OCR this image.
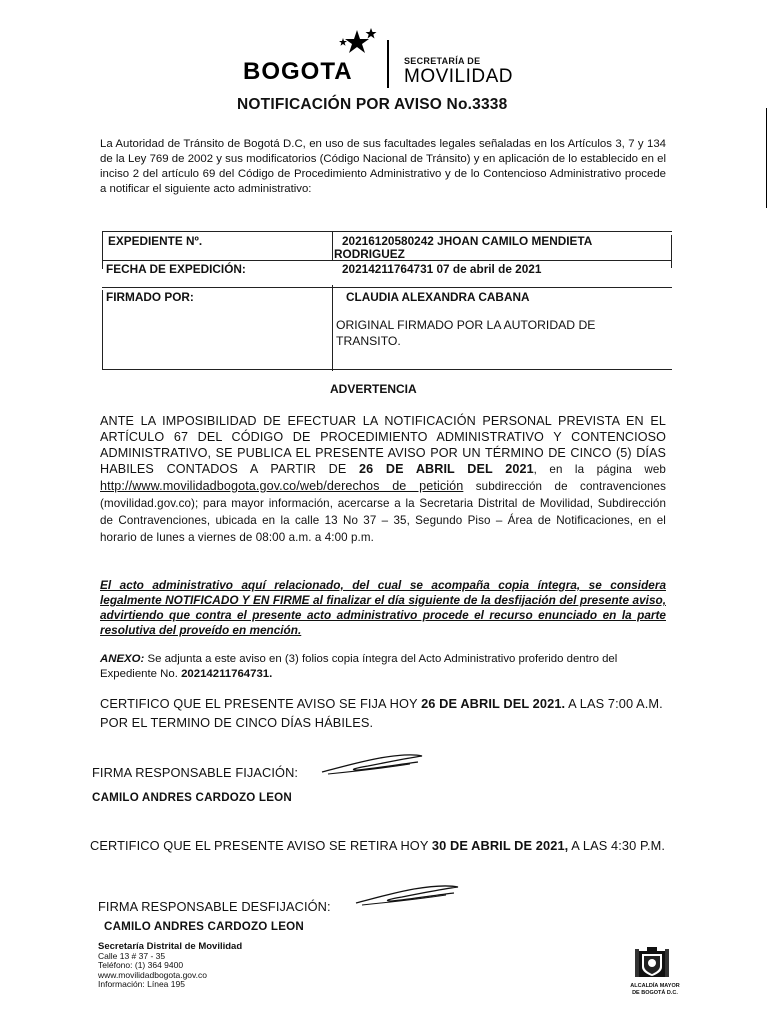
BOGOTA	SECRETARÍA DE
MOVILIDAD
NOTIFICACIÓN POR AVISO No.3338
La Autoridad de Tránsito de Bogotá D.C, en uso de sus facultades legales señaladas en los Artículos 3, 7 y 134 de la Ley 769 de 2002 y sus modificatorios (Código Nacional de Tránsito) y en aplicación de lo establecido en el inciso 2 del artículo 69 del Código de Procedimiento Administrativo y de lo Contencioso Administrativo procede a notificar el siguiente acto administrativo:
EXPEDIENTE Nº.	20216120580242 JHOAN CAMILO MENDIETA
RODRIGUEZ
FECHA DE EXPEDICIÓN:	20214211764731 07 de abril de 2021
FIRMADO POR:	CLAUDIA ALEXANDRA CABANA
ORIGINAL FIRMADO POR LA AUTORIDAD DE
TRANSITO.
ADVERTENCIA
ANTE LA IMPOSIBILIDAD DE EFECTUAR LA NOTIFICACIÓN PERSONAL PREVISTA EN EL ARTÍCULO 67 DEL CÓDIGO DE PROCEDIMIENTO ADMINISTRATIVO Y CONTENCIOSO ADMINISTRATIVO, SE PUBLICA EL PRESENTE AVISO POR UN TÉRMINO DE CINCO (5) DÍAS HABILES CONTADOS A PARTIR DE 26 DE ABRIL DEL 2021, en la página web http://www.movilidadbogota.gov.co/web/derechos de petición subdirección de contravenciones (movilidad.gov.co); para mayor información, acercarse a la Secretaria Distrital de Movilidad, Subdirección de Contravenciones, ubicada en la calle 13 No 37 – 35, Segundo Piso – Área de Notificaciones, en el horario de lunes a viernes de 08:00 a.m. a 4:00 p.m.
El acto administrativo aquí relacionado, del cual se acompaña copia íntegra, se considera legalmente NOTIFICADO Y EN FIRME al finalizar el día siguiente de la desfijación del presente aviso, advirtiendo que contra el presente acto administrativo procede el recurso enunciado en la parte resolutiva del proveído en mención.
ANEXO: Se adjunta a este aviso en (3) folios copia íntegra del Acto Administrativo proferido dentro del Expediente No. 20214211764731.
CERTIFICO QUE EL PRESENTE AVISO SE FIJA HOY 26 DE ABRIL DEL 2021. A LAS 7:00 A.M. POR EL TERMINO DE CINCO DÍAS HÁBILES.
FIRMA RESPONSABLE FIJACIÓN:
CAMILO ANDRES CARDOZO LEON
CERTIFICO QUE EL PRESENTE AVISO SE RETIRA HOY 30 DE ABRIL DE 2021, A LAS 4:30 P.M.
FIRMA RESPONSABLE DESFIJACIÓN:
CAMILO ANDRES CARDOZO LEON
Secretaría Distrital de Movilidad
Calle 13 # 37 - 35
Teléfono: (1) 364 9400
www.movilidadbogota.gov.co
Información: Línea 195	ALCALDÍA MAYOR
DE BOGOTÁ D.C.
